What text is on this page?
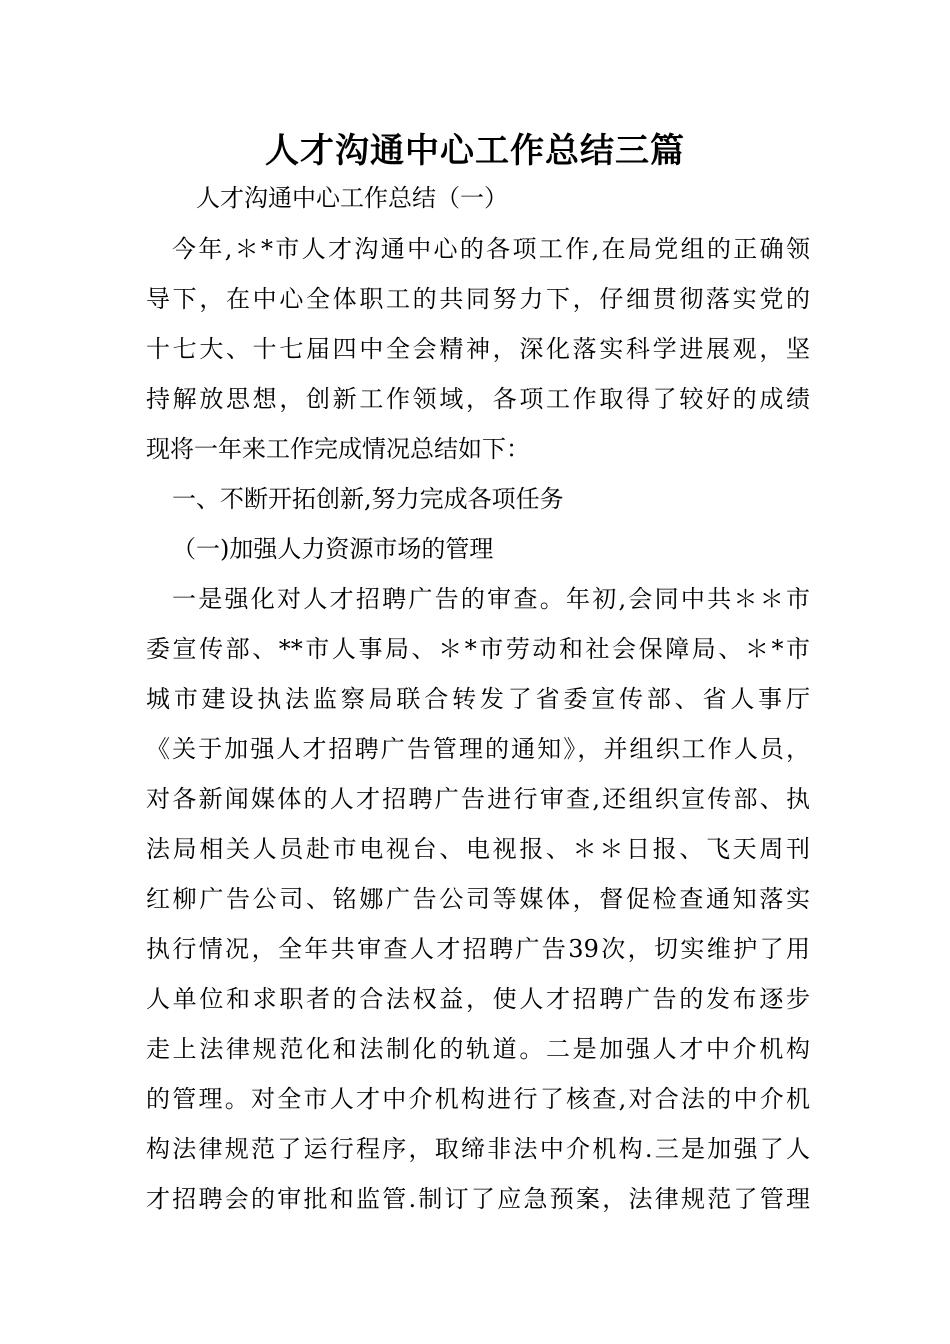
人才沟通中心工作总结三篇
人才沟通中心工作总结（一）
今年,＊*市人才沟通中心的各项工作,在局党组的正确领
导下，在中心全体职工的共同努力下，仔细贯彻落实党的
十七大、十七届四中全会精神，深化落实科学进展观，坚
持解放思想，创新工作领域，各项工作取得了较好的成绩
现将一年来工作完成情况总结如下：
一、不断开拓创新,努力完成各项任务
（一)加强人力资源市场的管理
一是强化对人才招聘广告的审查。年初,会同中共＊＊市
委宣传部、**市人事局、＊*市劳动和社会保障局、＊*市
城市建设执法监察局联合转发了省委宣传部、省人事厅
《关于加强人才招聘广告管理的通知》，并组织工作人员，
对各新闻媒体的人才招聘广告进行审查,还组织宣传部、执
法局相关人员赴市电视台、电视报、＊＊日报、飞天周刊
红柳广告公司、铭娜广告公司等媒体，督促检查通知落实
执行情况，全年共审查人才招聘广告39次，切实维护了用
人单位和求职者的合法权益，使人才招聘广告的发布逐步
走上法律规范化和法制化的轨道。二是加强人才中介机构
的管理。对全市人才中介机构进行了核查,对合法的中介机
构法律规范了运行程序，取缔非法中介机构.三是加强了人
才招聘会的审批和监管.制订了应急预案，法律规范了管理
